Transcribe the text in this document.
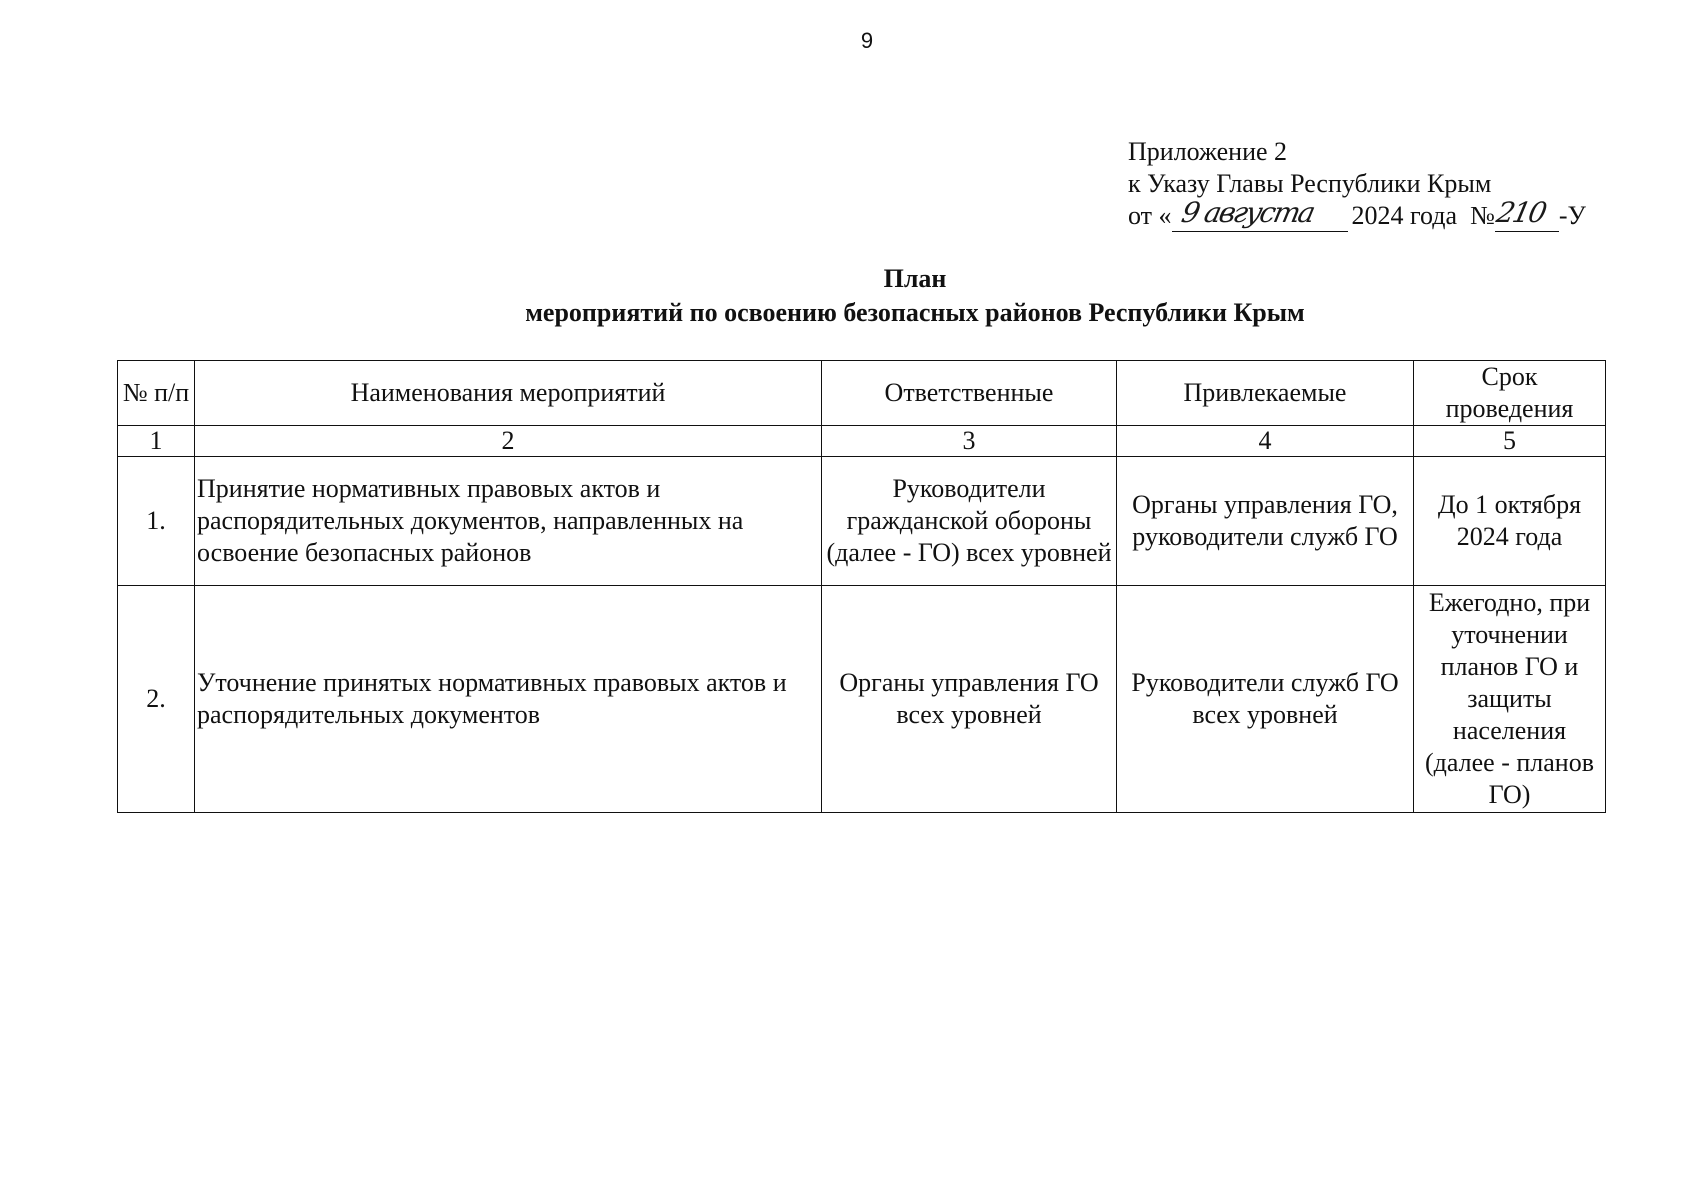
9
Приложение 2
к Указу Главы Республики Крым
от « 9 августа 2024 года №
210 -У
План
мероприятий по освоению безопасных районов Республики Крым
№ п/п	Наименования мероприятий	Ответственные	Привлекаемые	Срок проведения
1	2	3	4	5
1.	Принятие нормативных правовых актов и распорядительных документов, направленных на освоение безопасных районов	Руководители гражданской обороны (далее - ГО) всех уровней	Органы управления ГО, руководители служб ГО	До 1 октября 2024 года
2.	Уточнение принятых нормативных правовых актов и распорядительных документов	Органы управления ГО всех уровней	Руководители служб ГО всех уровней	Ежегодно, при уточнении планов ГО и защиты населения (далее - планов ГО)
